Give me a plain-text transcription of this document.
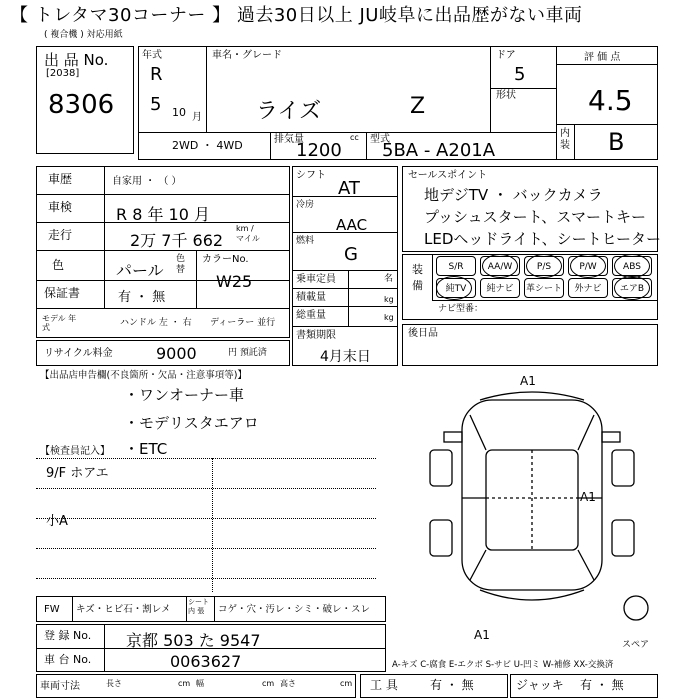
【 トレタマ30コーナー 】 過去30日以上 JU岐阜に出品歴がない車両
( 複合機 ) 対応用紙
出 品 No.
[2038]
8306
年式
R
5 10 月
車名・グレード
ライズ	Z
ドア
5
形状
評 価 点
4.5
内装 B
2WD ・ 4WD	排気量	cc
1200
型式
5BA - A201A
車歴	自家用 ・ （ ）
車検	R 8 年 10 月
走行	2万 7千 662
km / マイル
色	パール
色替
カラーNo.
W25
保証書	有 ・ 無
モデル 年 式	ハンドル 左 ・ 右 ディーラー 並行
リサイクル料金	9000	円 預託済
シフト
AT
冷房
AAC
燃料
G
乗車定員	名
積載量	kg
総重量	kg
書類期限
4月末日
セールスポイント
地デジTV ・ バックカメラ
プッシュスタート、スマートキー
LEDヘッドライト、シートヒーター
装備
ナビ型番：
S/R	AA/W	P/S	P/W	ABS
純TV	純ナビ	革シート	外ナビ	エアB
後日品
【出品店申告欄(不良箇所・欠品・注意事項等)】
・ワンオーナー車
・モデリスタエアロ
・ETC
【検査員記入】
9/F ホアエ
小A
A1
A1
A1
スペア
FW キズ・ヒビ石・割レメ
シート 内 張	コゲ・穴・汚レ・シミ・破レ・スレ
登 録 No. 京都 503 た 9547
車 台 No.	0063627	A-キズ C-腐食 E-エクボ S-サビ U-凹ミ W-補修 XX-交換済
車両寸法	長さ	cm 幅	cm 高さ	cm 工 具	有 ・ 無	ジャッキ 有 ・ 無
